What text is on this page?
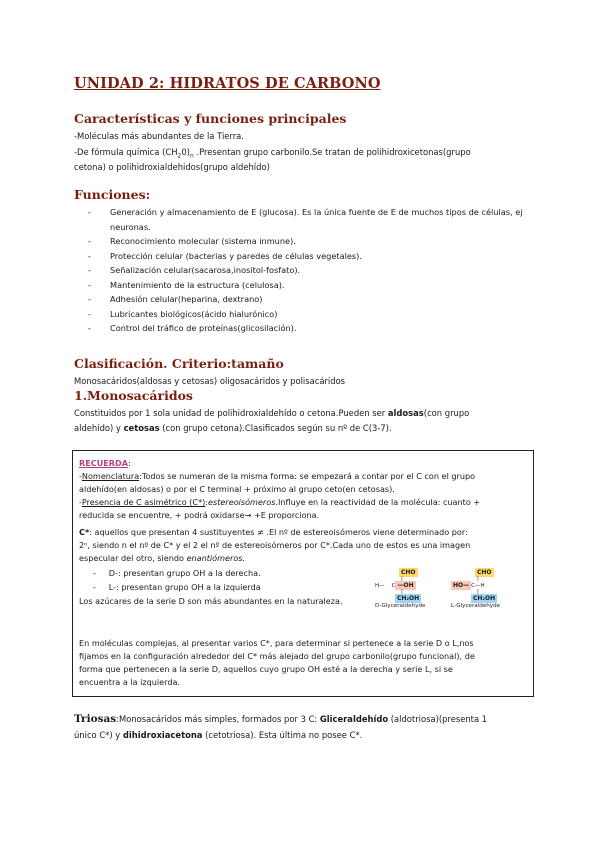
UNIDAD 2: HIDRATOS DE CARBONO
Características y funciones principales

-Moléculas más abundantes de la Tierra.

-De fórmula química $(CH_20)_n$ .Presentan grupo carbonilo.Se tratan de polihidroxicetonas(grupo

cetona) o polihidroxialdehidos(grupo aldehído)

Funciones:
- Generación y almacenamiento de E (glucosa). Es la única fuente de E de muchos tipos de células, ej neuronas.
- Reconocimiento molecular (sistema inmune).
- Protección celular (bacterias y paredes de células vegetales).
- Señalización celular(sacarosa,inositol-fosfato).
- Mantenimiento de la estructura (celulosa).
- Adhesión celular(heparina, dextrano)
- Lubricantes biológicos(ácido hialurónico)
- Control del tráfico de proteínas(glicosilación).
Clasificación. Criterio:tamaño

Monosacáridos(aldosas y cetosas) oligosacáridos y polisacáridos

1.Monosacáridos

Constituidos por 1 sola unidad de polihidroxialdehído o cetona.Pueden ser aldosas(con grupo

aldehído) y cetosas (con grupo cetona).Clasificados según su nº de C(3-7).

RECUERDA:

-Nomenclatura:Todos se numeran de la misma forma: se empezará a contar por el C con el grupo

aldehído(en aldosas) o por el C terminal + próximo al grupo ceto(en cetosas).

-Presencia de C asimétrico (C*):estereoisómeros.Influye en la reactividad de la molécula: cuanto +

reducida se encuentre, + podrá oxidarse→ +E proporciona.

C*: aquellos que presentan 4 sustituyentes ≠ .El nº de estereoisómeros viene determinado por:

2ⁿ, siendo n el nº de C* y el 2 el nº de estereoisómeros por C*.Cada uno de estos es una imagen

especular del otro, siendo enantiómeros.

-     D-: presentan grupo OH a la derecha.

-     L-: presentan grupo OH a la izquierda

Los azúcares de la serie D son más abundantes en la naturaleza.

CHO
|
H— C —OH
|
CH₂OH
D-Glyceraldehyde
CHO
|
HO— C—H
|
CH₂OH
L-Glyceraldehyde

En moléculas complejas, al presentar varios C*, para determinar si pertenece a la serie D o L,nos

fijamos en la configuración alrededor del C* más alejado del grupo carbonilo(grupo funcional), de

forma que pertenecen a la serie D, aquellos cuyo grupo OH esté a la derecha y serie L, si se

encuentra a la izquierda.

Triosas:Monosacáridos más simples, formados por 3 C: Gliceraldehído (aldotriosa)(presenta 1

único C*) y dihidroxiacetona (cetotriosa). Esta última no posee C*.
